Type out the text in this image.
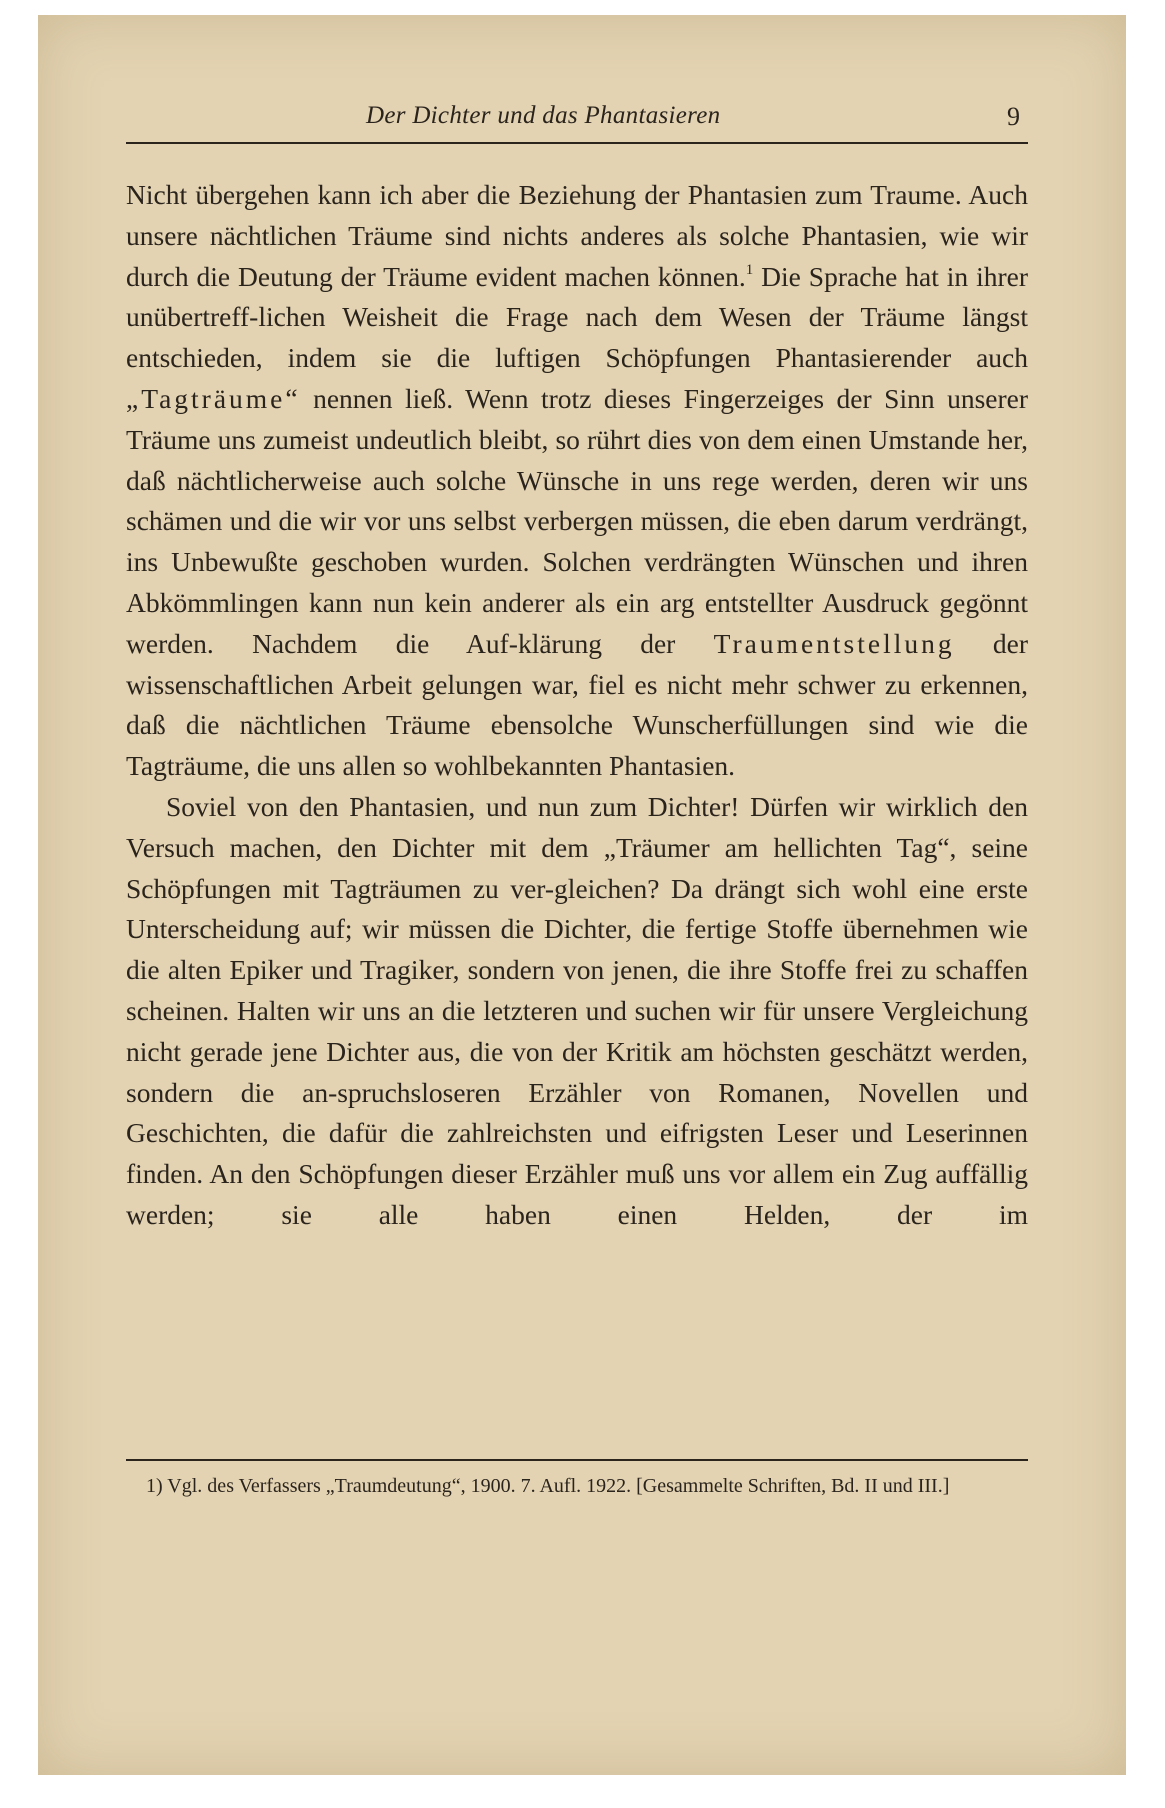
Der Dichter und das Phantasieren	9

Nicht übergehen kann ich aber die Beziehung der Phantasien zum Traume. Auch unsere nächtlichen Träume sind nichts anderes als solche Phantasien, wie wir durch die Deutung der Träume evident machen können.$^1$ Die Sprache hat in ihrer unübertreff-lichen Weisheit die Frage nach dem Wesen der Träume längst entschieden, indem sie die luftigen Schöpfungen Phantasierender auch „Tagträume“ nennen ließ. Wenn trotz dieses Fingerzeiges der Sinn unserer Träume uns zumeist undeutlich bleibt, so rührt dies von dem einen Umstande her, daß nächtlicherweise auch solche Wünsche in uns rege werden, deren wir uns schämen und die wir vor uns selbst verbergen müssen, die eben darum verdrängt, ins Unbewußte geschoben wurden. Solchen verdrängten Wünschen und ihren Abkömmlingen kann nun kein anderer als ein arg entstellter Ausdruck gegönnt werden. Nachdem die Auf-klärung der Traumentstellung der wissenschaftlichen Arbeit gelungen war, fiel es nicht mehr schwer zu erkennen, daß die nächtlichen Träume ebensolche Wunscherfüllungen sind wie die Tagträume, die uns allen so wohlbekannten Phantasien.

Soviel von den Phantasien, und nun zum Dichter! Dürfen wir wirklich den Versuch machen, den Dichter mit dem „Träumer am hellichten Tag“, seine Schöpfungen mit Tagträumen zu ver-gleichen? Da drängt sich wohl eine erste Unterscheidung auf; wir müssen die Dichter, die fertige Stoffe übernehmen wie die alten Epiker und Tragiker, sondern von jenen, die ihre Stoffe frei zu schaffen scheinen. Halten wir uns an die letzteren und suchen wir für unsere Vergleichung nicht gerade jene Dichter aus, die von der Kritik am höchsten geschätzt werden, sondern die an-spruchsloseren Erzähler von Romanen, Novellen und Geschichten, die dafür die zahlreichsten und eifrigsten Leser und Leserinnen finden. An den Schöpfungen dieser Erzähler muß uns vor allem ein Zug auffällig werden; sie alle haben einen Helden, der im

1) Vgl. des Verfassers „Traumdeutung“, 1900. 7. Aufl. 1922. [Gesammelte Schriften, Bd. II und III.]
